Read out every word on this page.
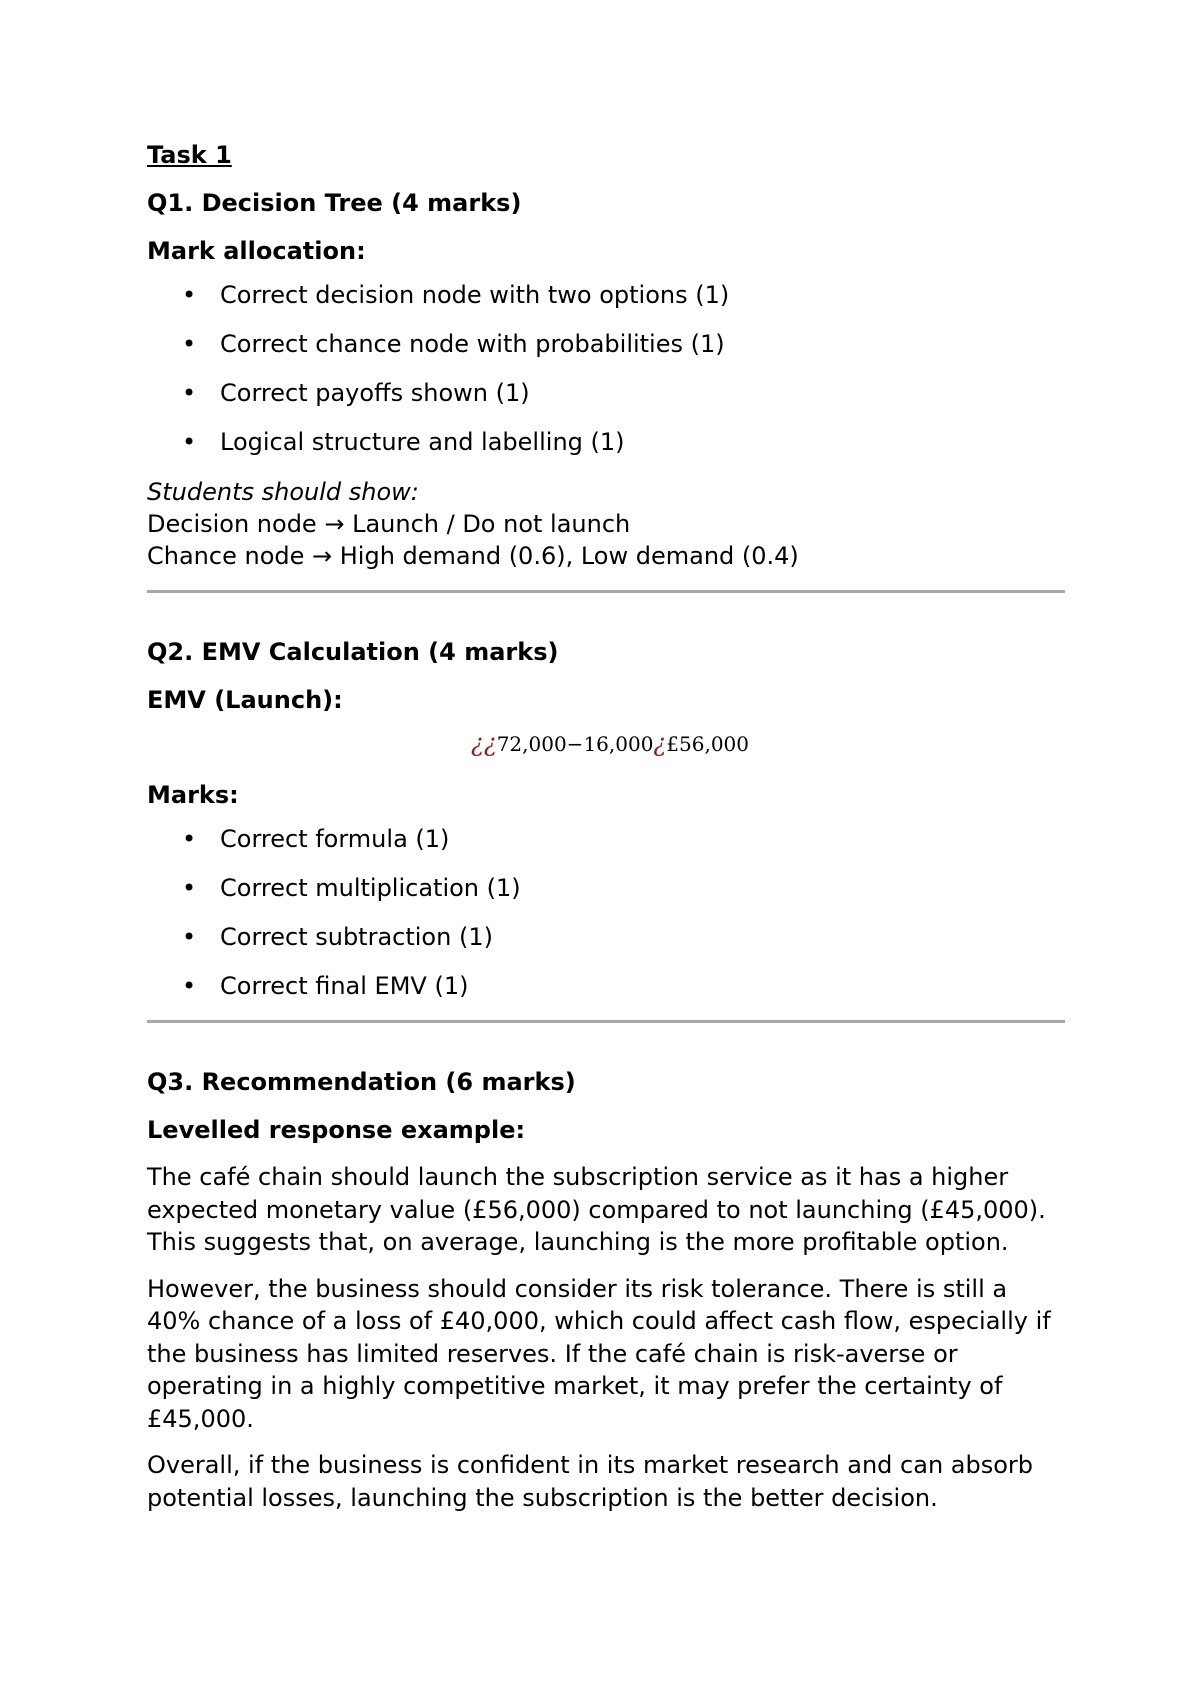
Task 1
Q1. Decision Tree (4 marks)
Mark allocation:
• Correct decision node with two options (1)
• Correct chance node with probabilities (1)
• Correct payoffs shown (1)
• Logical structure and labelling (1)
Students should show:
Decision node → Launch / Do not launch
Chance node → High demand (0.6), Low demand (0.4)
Q2. EMV Calculation (4 marks)
EMV (Launch):
¿¿72,000−16,000¿£56,000
Marks:
• Correct formula (1)
• Correct multiplication (1)
• Correct subtraction (1)
• Correct final EMV (1)
Q3. Recommendation (6 marks)
Levelled response example:

The café chain should launch the subscription service as it has a higher expected monetary value (£56,000) compared to not launching (£45,000). This suggests that, on average, launching is the more profitable option.

However, the business should consider its risk tolerance. There is still a 40% chance of a loss of £40,000, which could affect cash flow, especially if the business has limited reserves. If the café chain is risk-averse or operating in a highly competitive market, it may prefer the certainty of £45,000.

Overall, if the business is confident in its market research and can absorb potential losses, launching the subscription is the better decision.
